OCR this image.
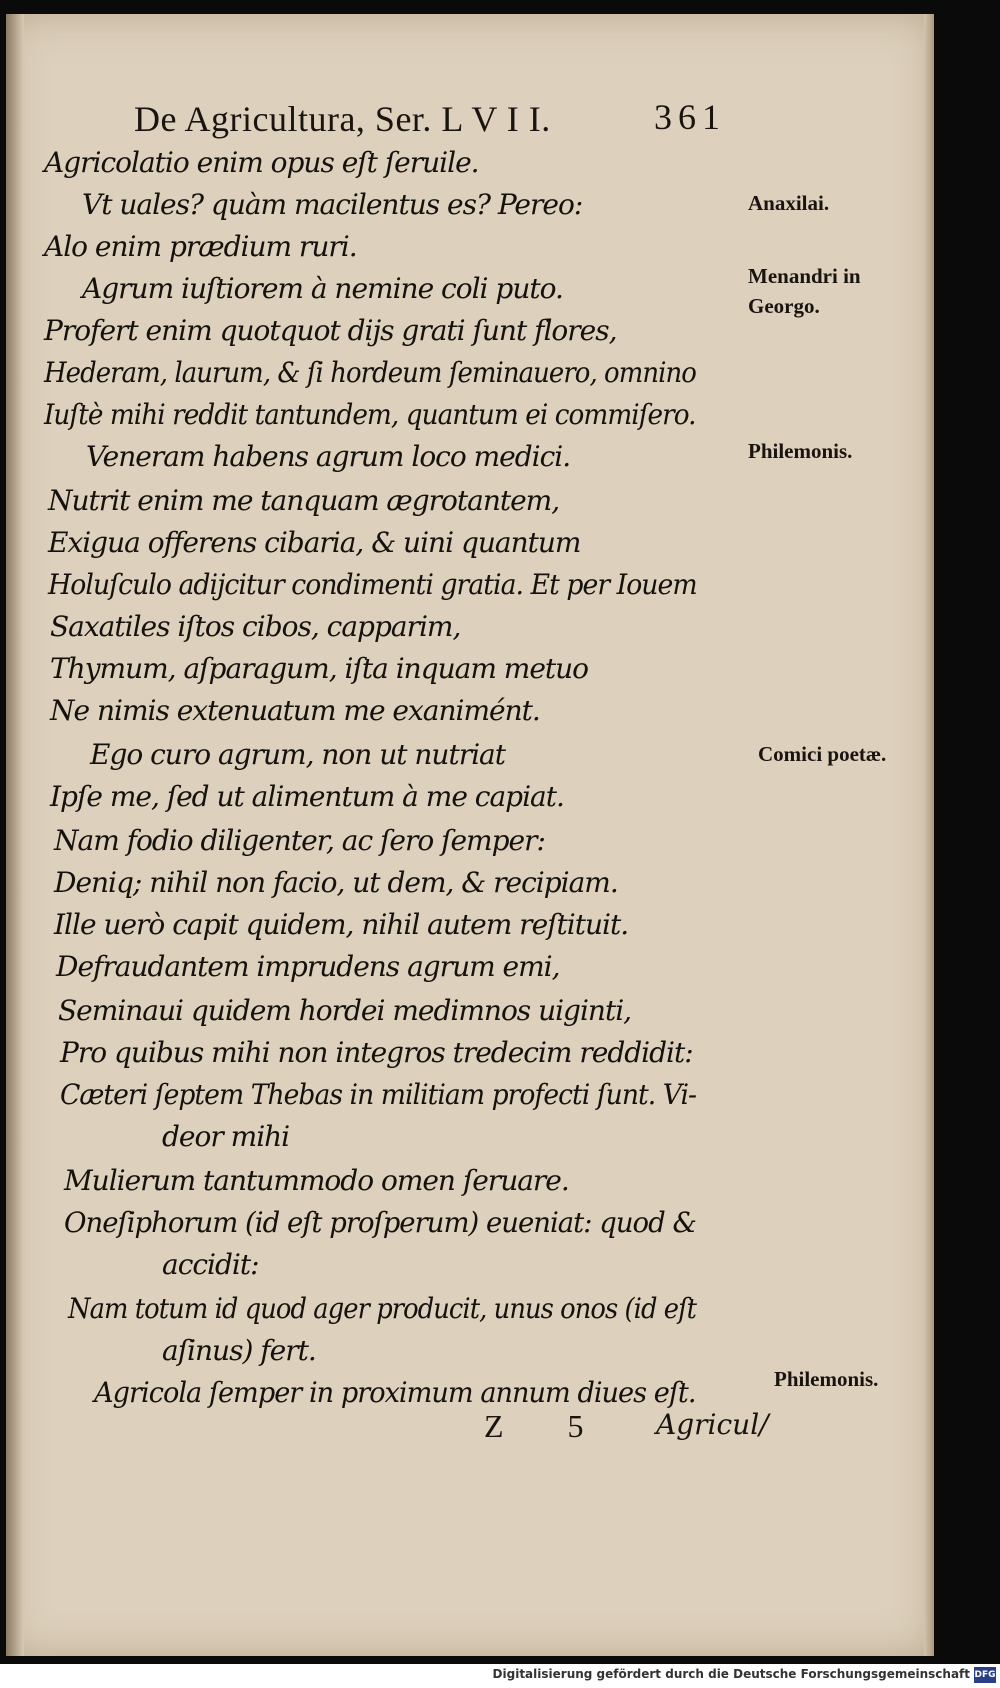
De Agricultura, Ser. L V I I.	361
Agricolatio enim opus eſt ſeruile.
Vt uales? quàm macilentus es? Pereo:
Alo enim prædium ruri.
Agrum iuſtiorem à nemine coli puto.
Profert enim quotquot dijs grati ſunt flores,
Hederam, laurum, & ſi hordeum ſeminauero, omnino
Iuſtè mihi reddit tantundem, quantum ei commiſero.
Veneram habens agrum loco medici.
Nutrit enim me tanquam ægrotantem,
Exigua offerens cibaria, & uini quantum
Holuſculo adijcitur condimenti gratia. Et per Iouem
Saxatiles iſtos cibos, capparim,
Thymum, aſparagum, iſta inquam metuo
Ne nimis extenuatum me exanimént.
Ego curo agrum, non ut nutriat
Ipſe me, ſed ut alimentum à me capiat.
Nam fodio diligenter, ac ſero ſemper:
Deniq; nihil non facio, ut dem, & recipiam.
Ille uerò capit quidem, nihil autem reſtituit.
Defraudantem imprudens agrum emi,
Seminaui quidem hordei medimnos uiginti,
Pro quibus mihi non integros tredecim reddidit:
Cæteri ſeptem Thebas in militiam profecti ſunt. Vi-
deor mihi
Mulierum tantummodo omen ſeruare.
Oneſiphorum (id eſt proſperum) eueniat: quod &
accidit:
Nam totum id quod ager producit, unus onos (id eſt
aſinus) fert.
Agricola ſemper in proximum annum diues eſt.
Anaxilai.
Menandri in Georgo.
Philemonis.
Comici poetæ.
Philemonis.
Z 5 Agricul/
Digitalisierung gefördert durch die Deutsche Forschungsgemeinschaft DFG
